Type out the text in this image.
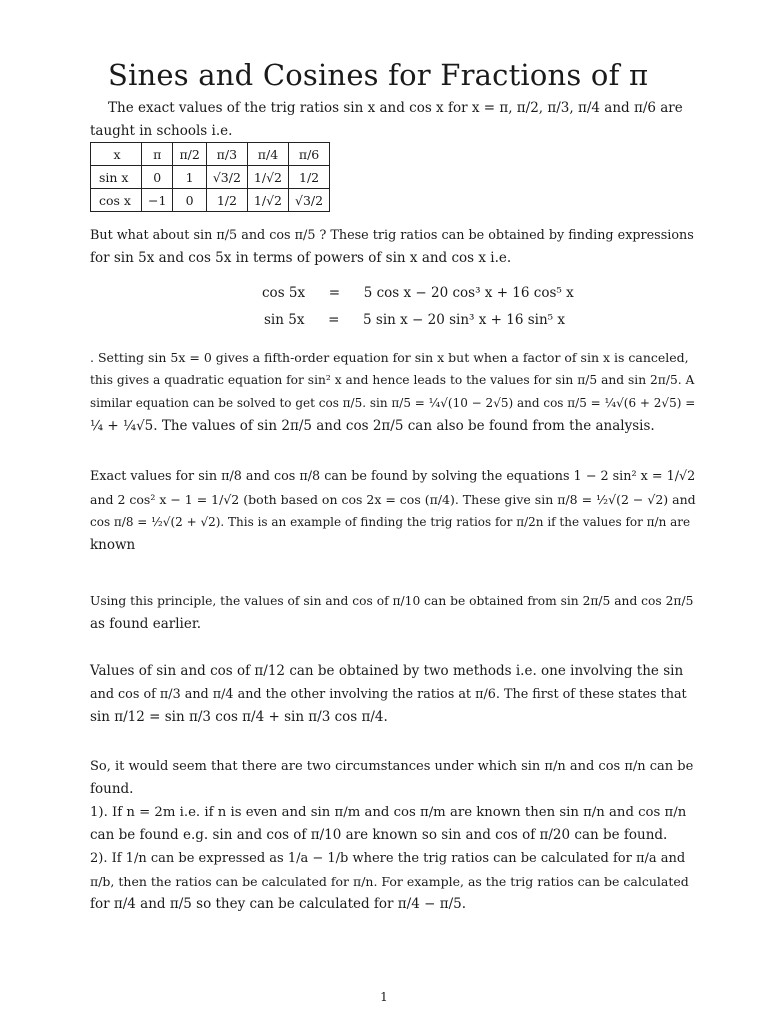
Sines and Cosines for Fractions of π

The exact values of the trig ratios sin x and cos x for x = π, π/2, π/3, π/4 and π/6 are
taught in schools i.e.

x	π	π/2	π/3	π/4	π/6
sin x	0	1	√3/2	1/√2	1/2
cos x	−1	0	1/2	1/√2	√3/2

But what about sin π/5 and cos π/5 ? These trig ratios can be obtained by finding expressions
for sin 5x and cos 5x in terms of powers of sin x and cos x i.e.

cos 5x = 5 cos x − 20 cos³ x + 16 cos⁵ x
sin 5x = 5 sin x − 20 sin³ x + 16 sin⁵ x

. Setting sin 5x = 0 gives a fifth-order equation for sin x but when a factor of sin x is canceled,
this gives a quadratic equation for sin² x and hence leads to the values for sin π/5 and sin 2π/5. A
similar equation can be solved to get cos π/5. sin π/5 = ¼√(10 − 2√5) and cos π/5 = ¼√(6 + 2√5) =
¼ + ¼√5. The values of sin 2π/5 and cos 2π/5 can also be found from the analysis.

Exact values for sin π/8 and cos π/8 can be found by solving the equations 1 − 2 sin² x = 1/√2
and 2 cos² x − 1 = 1/√2 (both based on cos 2x = cos (π/4). These give sin π/8 = ½√(2 − √2) and
cos π/8 = ½√(2 + √2). This is an example of finding the trig ratios for π/2n if the values for π/n are
known

Using this principle, the values of sin and cos of π/10 can be obtained from sin 2π/5 and cos 2π/5
as found earlier.

Values of sin and cos of π/12 can be obtained by two methods i.e. one involving the sin
and cos of π/3 and π/4 and the other involving the ratios at π/6. The first of these states that
sin π/12 = sin π/3 cos π/4 + sin π/3 cos π/4.

So, it would seem that there are two circumstances under which sin π/n and cos π/n can be
found.
1). If n = 2m i.e. if n is even and sin π/m and cos π/m are known then sin π/n and cos π/n
can be found e.g. sin and cos of π/10 are known so sin and cos of π/20 can be found.
2). If 1/n can be expressed as 1/a − 1/b where the trig ratios can be calculated for π/a and
π/b, then the ratios can be calculated for π/n. For example, as the trig ratios can be calculated
for π/4 and π/5 so they can be calculated for π/4 − π/5.

1
